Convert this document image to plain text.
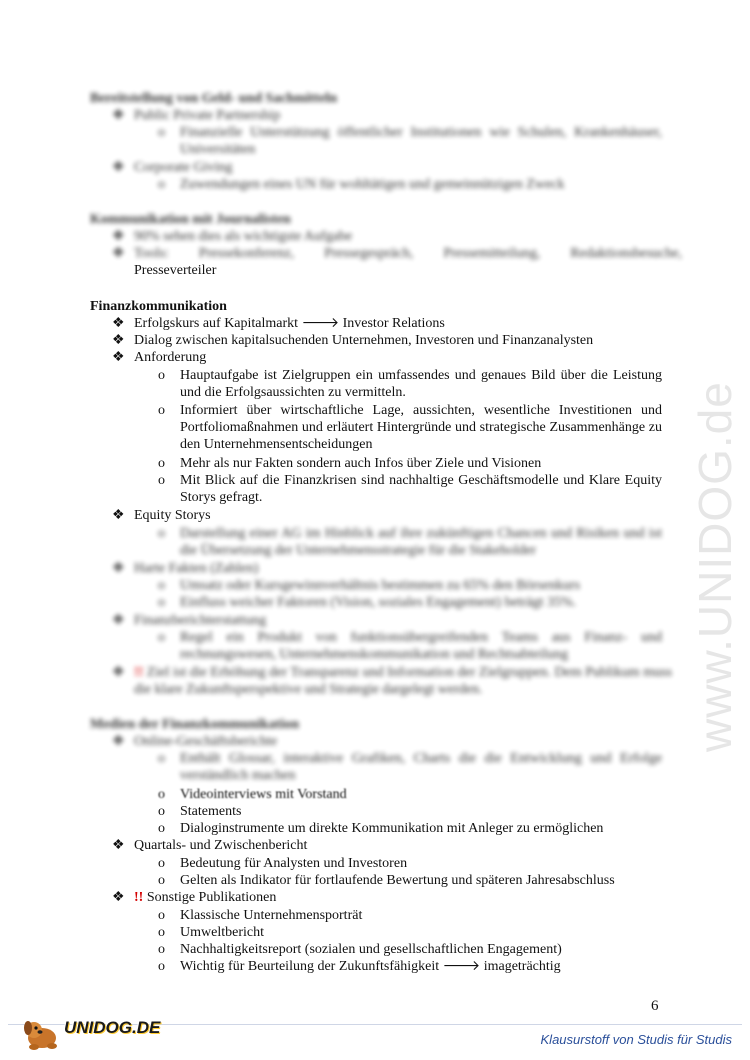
www.UNIDOG.de
Bereitstellung von Geld- und Sachmitteln
❖ Public Private Partnership
o Finanzielle Unterstützung öffentlicher Institutionen wie Schulen, Krankenhäuser, Universitäten
❖ Corporate Giving
o Zuwendungen eines UN für wohltätigen und gemeinnützigen Zweck
Kommunikation mit Journalisten
❖ 90% sehen dies als wichtigste Aufgabe
❖ Tools: Pressekonferenz, Pressegespräch, Pressemitteilung, Redaktionsbesuche,
Presseverteiler
Finanzkommunikation
❖ Erfolgskurs auf Kapitalmarkt 🡒 Investor Relations
❖ Dialog zwischen kapitalsuchenden Unternehmen, Investoren und Finanzanalysten
❖ Anforderung
o Hauptaufgabe ist Zielgruppen ein umfassendes und genaues Bild über die Leistung und die Erfolgsaussichten zu vermitteln.
o Informiert über wirtschaftliche Lage, aussichten, wesentliche Investitionen und Portfoliomaßnahmen und erläutert Hintergründe und strategische Zusammenhänge zu den Unternehmensentscheidungen
o Mehr als nur Fakten sondern auch Infos über Ziele und Visionen
o Mit Blick auf die Finanzkrisen sind nachhaltige Geschäftsmodelle und Klare Equity Storys gefragt.
❖ Equity Storys
o Darstellung einer AG im Hinblick auf ihre zukünftigen Chancen und Risiken und ist die Übersetzung der Unternehmensstrategie für die Stakeholder
❖ Harte Fakten (Zahlen)
o Umsatz oder Kursgewinnverhältnis bestimmen zu 65% den Börsenkurs
o Einfluss weicher Faktoren (Vision, soziales Engagement) beträgt 35%.
❖ Finanzberichterstattung
o Regel ein Produkt von funktionsübergreifenden Teams aus Finanz- und rechnungswesen, Unternehmenskommunikation und Rechtsabteilung
❖ !! Ziel ist die Erhöhung der Transparenz und Information der Zielgruppen. Dem Publikum muss die klare Zukunftsperspektive und Strategie dargelegt werden.
Medien der Finanzkommunikation
❖ Online-Geschäftsberichte
o Enthält Glossar, interaktive Grafiken, Charts die die Entwicklung und Erfolge verständlich machen
o Videointerviews mit Vorstand
o Statements
o Dialoginstrumente um direkte Kommunikation mit Anleger zu ermöglichen
❖ Quartals- und Zwischenbericht
o Bedeutung für Analysten und Investoren
o Gelten als Indikator für fortlaufende Bewertung und späteren Jahresabschluss
❖ !! Sonstige Publikationen
o Klassische Unternehmensporträt
o Umweltbericht
o Nachhaltigkeitsreport (sozialen und gesellschaftlichen Engagement)
o Wichtig für Beurteilung der Zukunftsfähigkeit 🡒 imageträchtig
6
UNIDOG.DE
Klausurstoff von Studis für Studis
